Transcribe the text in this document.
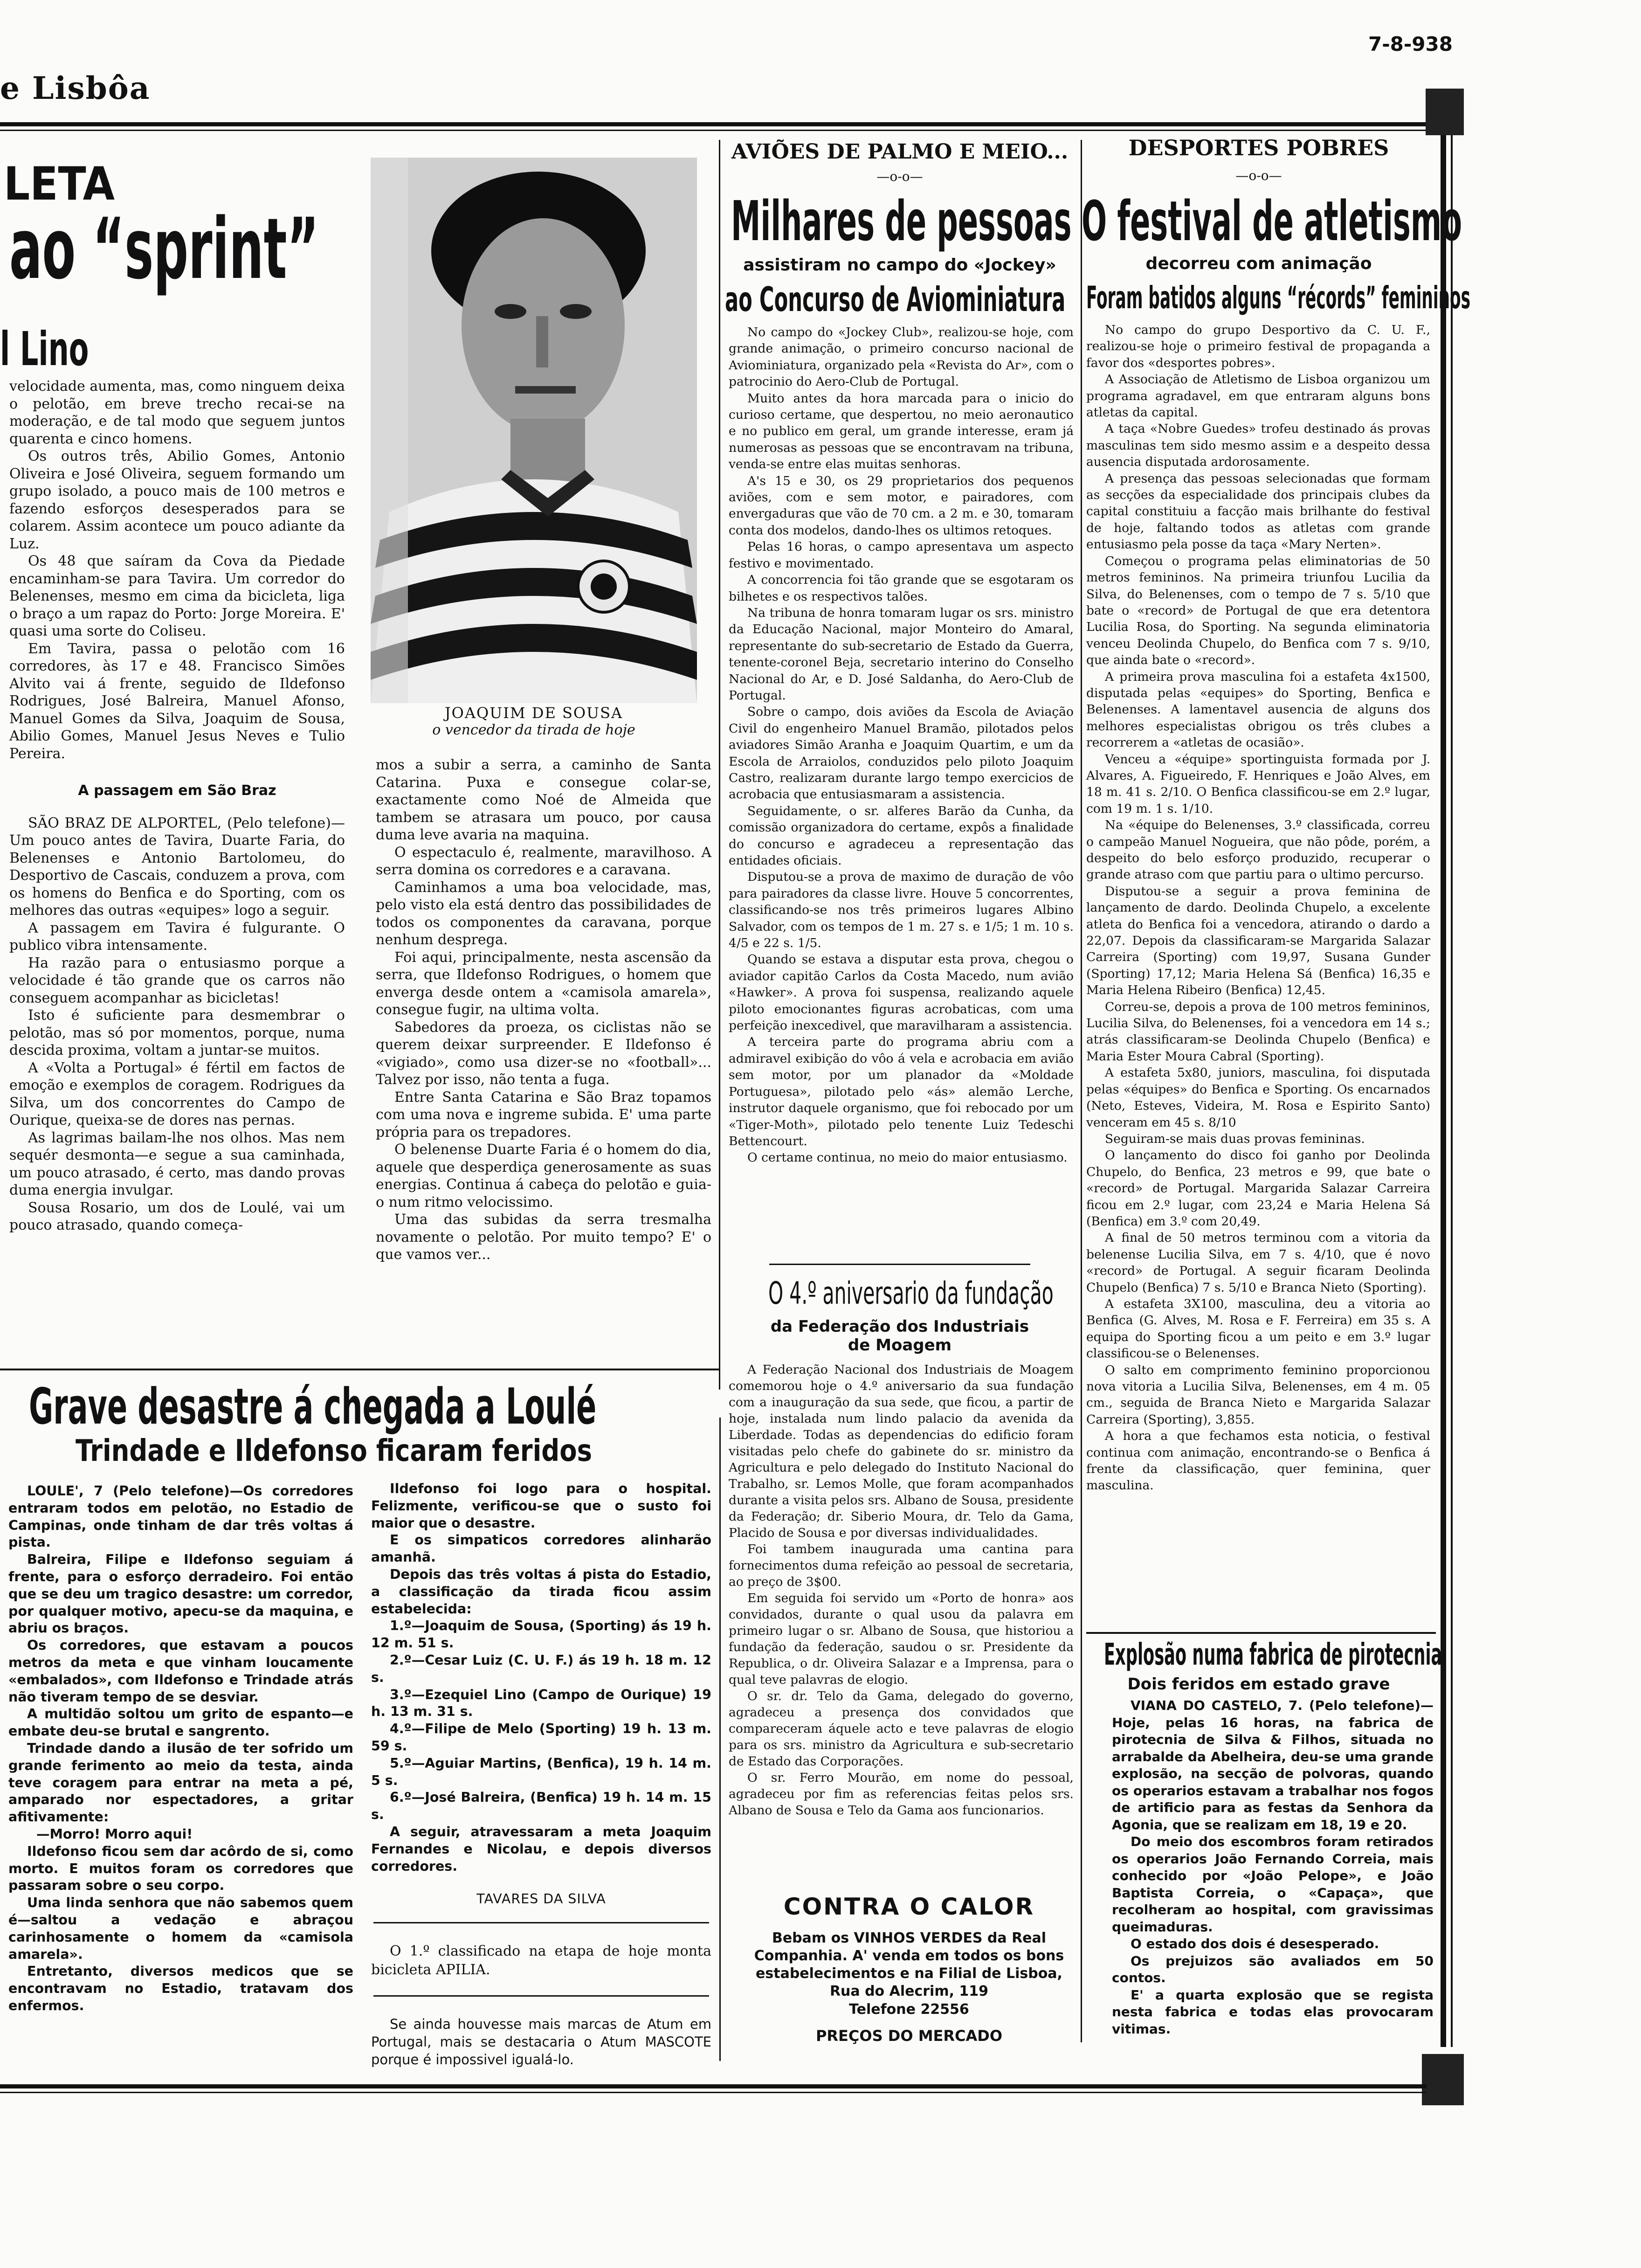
e Lisbôa
7-8-938
LETA
ao “sprint”
l Lino

velocidade aumenta, mas, como ninguem deixa o pelotão, em breve trecho recai-se na moderação, e de tal modo que seguem juntos quarenta e cinco homens.

Os outros três, Abilio Gomes, Antonio Oliveira e José Oliveira, seguem formando um grupo isolado, a pouco mais de 100 metros e fazendo esforços desesperados para se colarem. Assim acontece um pouco adiante da Luz.

Os 48 que saíram da Cova da Piedade encaminham-se para Tavira. Um corredor do Belenenses, mesmo em cima da bicicleta, liga o braço a um rapaz do Porto: Jorge Moreira. E' quasi uma sorte do Coliseu.

Em Tavira, passa o pelotão com 16 corredores, às 17 e 48. Francisco Simões Alvito vai á frente, seguido de Ildefonso Rodrigues, José Balreira, Manuel Afonso, Manuel Gomes da Silva, Joaquim de Sousa, Abilio Gomes, Manuel Jesus Neves e Tulio Pereira.

A passagem em São Braz

SÃO BRAZ DE ALPORTEL, (Pelo telefone)—Um pouco antes de Tavira, Duarte Faria, do Belenenses e Antonio Bartolomeu, do Desportivo de Cascais, conduzem a prova, com os homens do Benfica e do Sporting, com os melhores das outras «equipes» logo a seguir.

A passagem em Tavira é fulgurante. O publico vibra intensamente.

Ha razão para o entusiasmo porque a velocidade é tão grande que os carros não conseguem acompanhar as bicicletas!

Isto é suficiente para desmembrar o pelotão, mas só por momentos, porque, numa descida proxima, voltam a juntar-se muitos.

A «Volta a Portugal» é fértil em factos de emoção e exemplos de coragem. Rodrigues da Silva, um dos concorrentes do Campo de Ourique, queixa-se de dores nas pernas.

As lagrimas bailam-lhe nos olhos. Mas nem sequér desmonta—e segue a sua caminhada, um pouco atrasado, é certo, mas dando provas duma energia invulgar.

Sousa Rosario, um dos de Loulé, vai um pouco atrasado, quando começa-

JOAQUIM DE SOUSA
o vencedor da tirada de hoje

mos a subir a serra, a caminho de Santa Catarina. Puxa e consegue colar-se, exactamente como Noé de Almeida que tambem se atrasara um pouco, por causa duma leve avaria na maquina.

O espectaculo é, realmente, maravilhoso. A serra domina os corredores e a caravana.

Caminhamos a uma boa velocidade, mas, pelo visto ela está dentro das possibilidades de todos os componentes da caravana, porque nenhum desprega.

Foi aqui, principalmente, nesta ascensão da serra, que Ildefonso Rodrigues, o homem que enverga desde ontem a «camisola amarela», consegue fugir, na ultima volta.

Sabedores da proeza, os ciclistas não se querem deixar surpreender. E Ildefonso é «vigiado», como usa dizer-se no «football»... Talvez por isso, não tenta a fuga.

Entre Santa Catarina e São Braz topamos com uma nova e ingreme subida. E' uma parte própria para os trepadores.

O belenense Duarte Faria é o homem do dia, aquele que desperdiça generosamente as suas energias. Continua á cabeça do pelotão e guia-o num ritmo velocissimo.

Uma das subidas da serra tresmalha novamente o pelotão. Por muito tempo? E' o que vamos ver...

Grave desastre á chegada a Loulé
Trindade e Ildefonso ficaram feridos

LOULE', 7 (Pelo telefone)—Os corredores entraram todos em pelotão, no Estadio de Campinas, onde tinham de dar três voltas á pista.

Balreira, Filipe e Ildefonso seguiam á frente, para o esforço derradeiro. Foi então que se deu um tragico desastre: um corredor, por qualquer motivo, apecu-se da maquina, e abriu os braços.

Os corredores, que estavam a poucos metros da meta e que vinham loucamente «embalados», com Ildefonso e Trindade atrás não tiveram tempo de se desviar.

A multidão soltou um grito de espanto—e embate deu-se brutal e sangrento.

Trindade dando a ilusão de ter sofrido um grande ferimento ao meio da testa, ainda teve coragem para entrar na meta a pé, amparado nor espectadores, a gritar afitivamente:

—Morro! Morro aqui!

Ildefonso ficou sem dar acôrdo de si, como morto. E muitos foram os corredores que passaram sobre o seu corpo.

Uma linda senhora que não sabemos quem é—saltou a vedação e abraçou carinhosamente o homem da «camisola amarela».

Entretanto, diversos medicos que se encontravam no Estadio, tratavam dos enfermos.

Ildefonso foi logo para o hospital. Felizmente, verificou-se que o susto foi maior que o desastre.

E os simpaticos corredores alinharão amanhã.

Depois das três voltas á pista do Estadio, a classificação da tirada ficou assim estabelecida:

1.º—Joaquim de Sousa, (Sporting) ás 19 h. 12 m. 51 s.

2.º—Cesar Luiz (C. U. F.) ás 19 h. 18 m. 12 s.

3.º—Ezequiel Lino (Campo de Ourique) 19 h. 13 m. 31 s.

4.º—Filipe de Melo (Sporting) 19 h. 13 m. 59 s.

5.º—Aguiar Martins, (Benfica), 19 h. 14 m. 5 s.

6.º—José Balreira, (Benfica) 19 h. 14 m. 15 s.

A seguir, atravessaram a meta Joaquim Fernandes e Nicolau, e depois diversos corredores.

TAVARES DA SILVA

O 1.º classificado na etapa de hoje monta bicicleta APILIA.

Se ainda houvesse mais marcas de Atum em Portugal, mais se destacaria o Atum MASCOTE porque é impossivel igualá-lo.

AVIÕES DE PALMO E MEIO...
—o-o—
Milhares de pessoas
assistiram no campo do «Jockey»
ao Concurso de Aviominiatura

No campo do «Jockey Club», realizou-se hoje, com grande animação, o primeiro concurso nacional de Aviominiatura, organizado pela «Revista do Ar», com o patrocinio do Aero-Club de Portugal.

Muito antes da hora marcada para o inicio do curioso certame, que despertou, no meio aeronautico e no publico em geral, um grande interesse, eram já numerosas as pessoas que se encontravam na tribuna, venda-se entre elas muitas senhoras.

A's 15 e 30, os 29 proprietarios dos pequenos aviões, com e sem motor, e pairadores, com envergaduras que vão de 70 cm. a 2 m. e 30, tomaram conta dos modelos, dando-lhes os ultimos retoques.

Pelas 16 horas, o campo apresentava um aspecto festivo e movimentado.

A concorrencia foi tão grande que se esgotaram os bilhetes e os respectivos talões.

Na tribuna de honra tomaram lugar os srs. ministro da Educação Nacional, major Monteiro do Amaral, representante do sub-secretario de Estado da Guerra, tenente-coronel Beja, secretario interino do Conselho Nacional do Ar, e D. José Saldanha, do Aero-Club de Portugal.

Sobre o campo, dois aviões da Escola de Aviação Civil do engenheiro Manuel Bramão, pilotados pelos aviadores Simão Aranha e Joaquim Quartim, e um da Escola de Arraiolos, conduzidos pelo piloto Joaquim Castro, realizaram durante largo tempo exercicios de acrobacia que entusiasmaram a assistencia.

Seguidamente, o sr. alferes Barão da Cunha, da comissão organizadora do certame, expôs a finalidade do concurso e agradeceu a representação das entidades oficiais.

Disputou-se a prova de maximo de duração de vôo para pairadores da classe livre. Houve 5 concorrentes, classificando-se nos três primeiros lugares Albino Salvador, com os tempos de 1 m. 27 s. e 1/5; 1 m. 10 s. 4/5 e 22 s. 1/5.

Quando se estava a disputar esta prova, chegou o aviador capitão Carlos da Costa Macedo, num avião «Hawker». A prova foi suspensa, realizando aquele piloto emocionantes figuras acrobaticas, com uma perfeição inexcedivel, que maravilharam a assistencia.

A terceira parte do programa abriu com a admiravel exibição do vôo á vela e acrobacia em avião sem motor, por um planador da «Moldade Portuguesa», pilotado pelo «ás» alemão Lerche, instrutor daquele organismo, que foi rebocado por um «Tiger-Moth», pilotado pelo tenente Luiz Tedeschi Bettencourt.

O certame continua, no meio do maior entusiasmo.

O 4.º aniversario da fundação
da Federação dos Industriais de Moagem

A Federação Nacional dos Industriais de Moagem comemorou hoje o 4.º aniversario da sua fundação com a inauguração da sua sede, que ficou, a partir de hoje, instalada num lindo palacio da avenida da Liberdade. Todas as dependencias do edificio foram visitadas pelo chefe do gabinete do sr. ministro da Agricultura e pelo delegado do Instituto Nacional do Trabalho, sr. Lemos Molle, que foram acompanhados durante a visita pelos srs. Albano de Sousa, presidente da Federação; dr. Siberio Moura, dr. Telo da Gama, Placido de Sousa e por diversas individualidades.

Foi tambem inaugurada uma cantina para fornecimentos duma refeição ao pessoal de secretaria, ao preço de 3$00.

Em seguida foi servido um «Porto de honra» aos convidados, durante o qual usou da palavra em primeiro lugar o sr. Albano de Sousa, que historiou a fundação da federação, saudou o sr. Presidente da Republica, o dr. Oliveira Salazar e a Imprensa, para o qual teve palavras de elogio.

O sr. dr. Telo da Gama, delegado do governo, agradeceu a presença dos convidados que compareceram áquele acto e teve palavras de elogio para os srs. ministro da Agricultura e sub-secretario de Estado das Corporações.

O sr. Ferro Mourão, em nome do pessoal, agradeceu por fim as referencias feitas pelos srs. Albano de Sousa e Telo da Gama aos funcionarios.

CONTRA O CALOR
Bebam os VINHOS VERDES da Real Companhia. A' venda em todos os bons estabelecimentos e na Filial de Lisboa, Rua do Alecrim, 119
Telefone 22556
PREÇOS DO MERCADO
DESPORTES POBRES
—o-o—
O festival de atletismo
decorreu com animação
Foram batidos alguns “récords” femininos

No campo do grupo Desportivo da C. U. F., realizou-se hoje o primeiro festival de propaganda a favor dos «desportes pobres».

A Associação de Atletismo de Lisboa organizou um programa agradavel, em que entraram alguns bons atletas da capital.

A taça «Nobre Guedes» trofeu destinado ás provas masculinas tem sido mesmo assim e a despeito dessa ausencia disputada ardorosamente.

A presença das pessoas selecionadas que formam as secções da especialidade dos principais clubes da capital constituiu a facção mais brilhante do festival de hoje, faltando todos as atletas com grande entusiasmo pela posse da taça «Mary Nerten».

Começou o programa pelas eliminatorias de 50 metros femininos. Na primeira triunfou Lucilia da Silva, do Belenenses, com o tempo de 7 s. 5/10 que bate o «record» de Portugal de que era detentora Lucilia Rosa, do Sporting. Na segunda eliminatoria venceu Deolinda Chupelo, do Benfica com 7 s. 9/10, que ainda bate o «record».

A primeira prova masculina foi a estafeta 4x1500, disputada pelas «equipes» do Sporting, Benfica e Belenenses. A lamentavel ausencia de alguns dos melhores especialistas obrigou os três clubes a recorrerem a «atletas de ocasião».

Venceu a «équipe» sportinguista formada por J. Alvares, A. Figueiredo, F. Henriques e João Alves, em 18 m. 41 s. 2/10. O Benfica classificou-se em 2.º lugar, com 19 m. 1 s. 1/10.

Na «équipe do Belenenses, 3.º classificada, correu o campeão Manuel Nogueira, que não pôde, porém, a despeito do belo esforço produzido, recuperar o grande atraso com que partiu para o ultimo percurso.

Disputou-se a seguir a prova feminina de lançamento de dardo. Deolinda Chupelo, a excelente atleta do Benfica foi a vencedora, atirando o dardo a 22,07. Depois da classificaram-se Margarida Salazar Carreira (Sporting) com 19,97, Susana Gunder (Sporting) 17,12; Maria Helena Sá (Benfica) 16,35 e Maria Helena Ribeiro (Benfica) 12,45.

Correu-se, depois a prova de 100 metros femininos, Lucilia Silva, do Belenenses, foi a vencedora em 14 s.; atrás classificaram-se Deolinda Chupelo (Benfica) e Maria Ester Moura Cabral (Sporting).

A estafeta 5x80, juniors, masculina, foi disputada pelas «équipes» do Benfica e Sporting. Os encarnados (Neto, Esteves, Videira, M. Rosa e Espirito Santo) venceram em 45 s. 8/10

Seguiram-se mais duas provas femininas.

O lançamento do disco foi ganho por Deolinda Chupelo, do Benfica, 23 metros e 99, que bate o «record» de Portugal. Margarida Salazar Carreira ficou em 2.º lugar, com 23,24 e Maria Helena Sá (Benfica) em 3.º com 20,49.

A final de 50 metros terminou com a vitoria da belenense Lucilia Silva, em 7 s. 4/10, que é novo «record» de Portugal. A seguir ficaram Deolinda Chupelo (Benfica) 7 s. 5/10 e Branca Nieto (Sporting).

A estafeta 3X100, masculina, deu a vitoria ao Benfica (G. Alves, M. Rosa e F. Ferreira) em 35 s. A equipa do Sporting ficou a um peito e em 3.º lugar classificou-se o Belenenses.

O salto em comprimento feminino proporcionou nova vitoria a Lucilia Silva, Belenenses, em 4 m. 05 cm., seguida de Branca Nieto e Margarida Salazar Carreira (Sporting), 3,855.

A hora a que fechamos esta noticia, o festival continua com animação, encontrando-se o Benfica á frente da classificação, quer feminina, quer masculina.

Explosão numa fabrica de pirotecnia
Dois feridos em estado grave

VIANA DO CASTELO, 7. (Pelo telefone)—Hoje, pelas 16 horas, na fabrica de pirotecnia de Silva & Filhos, situada no arrabalde da Abelheira, deu-se uma grande explosão, na secção de polvoras, quando os operarios estavam a trabalhar nos fogos de artificio para as festas da Senhora da Agonia, que se realizam em 18, 19 e 20.

Do meio dos escombros foram retirados os operarios João Fernando Correia, mais conhecido por «João Pelope», e João Baptista Correia, o «Capaça», que recolheram ao hospital, com gravissimas queimaduras.

O estado dos dois é desesperado.

Os prejuizos são avaliados em 50 contos.

E' a quarta explosão que se regista nesta fabrica e todas elas provocaram vitimas.
